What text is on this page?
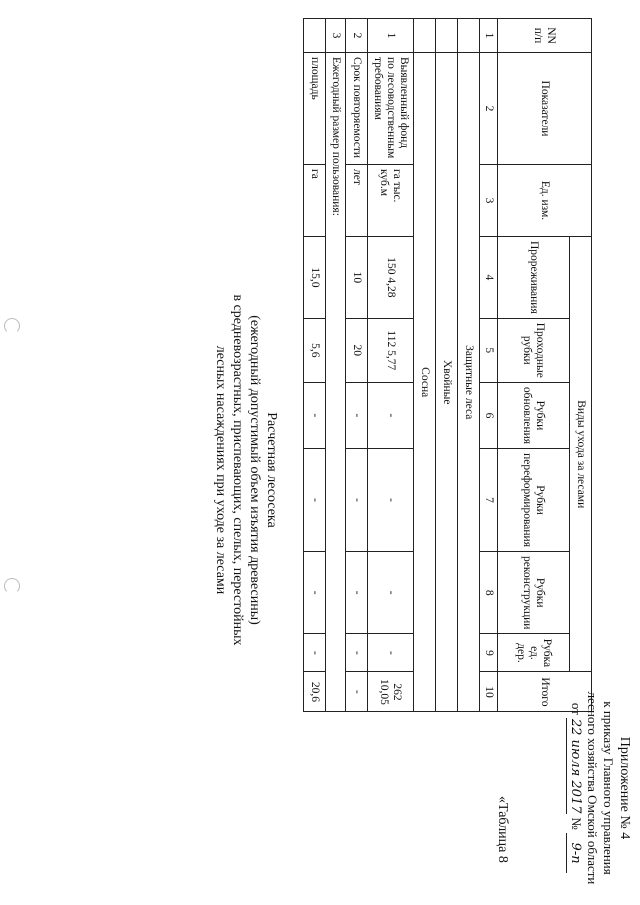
NN п/п	Показатели	Ед. изм.	Виды ухода за лесами						Итого
			Прореживания	Проходные рубки	Рубки обновления	Рубки переформирования	Рубки реконструкции	Рубка ед. дер.	
1	2	3	4	5	6	7	8	9	10
	Защитные леса								
	Хвойные								
	Сосна								
1	Выявленный фонд по лесоводственным требованиям	га тыс. куб.м	150 4,28	112 5,77	-	-	-	-	262 10,05
2	Срок повторяемости	лет	10	20	-	-	-	-	-
3	Ежегодный размер пользования:								
	площадь	га	15,0	5,6	-	-	-	-	20,6
Расчетная лесосека
(ежегодный допустимый объем изъятия древесины)
в средневозрастных, приспевающих, спелых, перестойных
лесных насаждениях при уходе за лесами
Приложение № 4
к приказу Главного управления
лесного хозяйства Омской области
от 22 июля 2017 № 9-п
«Таблица 8
